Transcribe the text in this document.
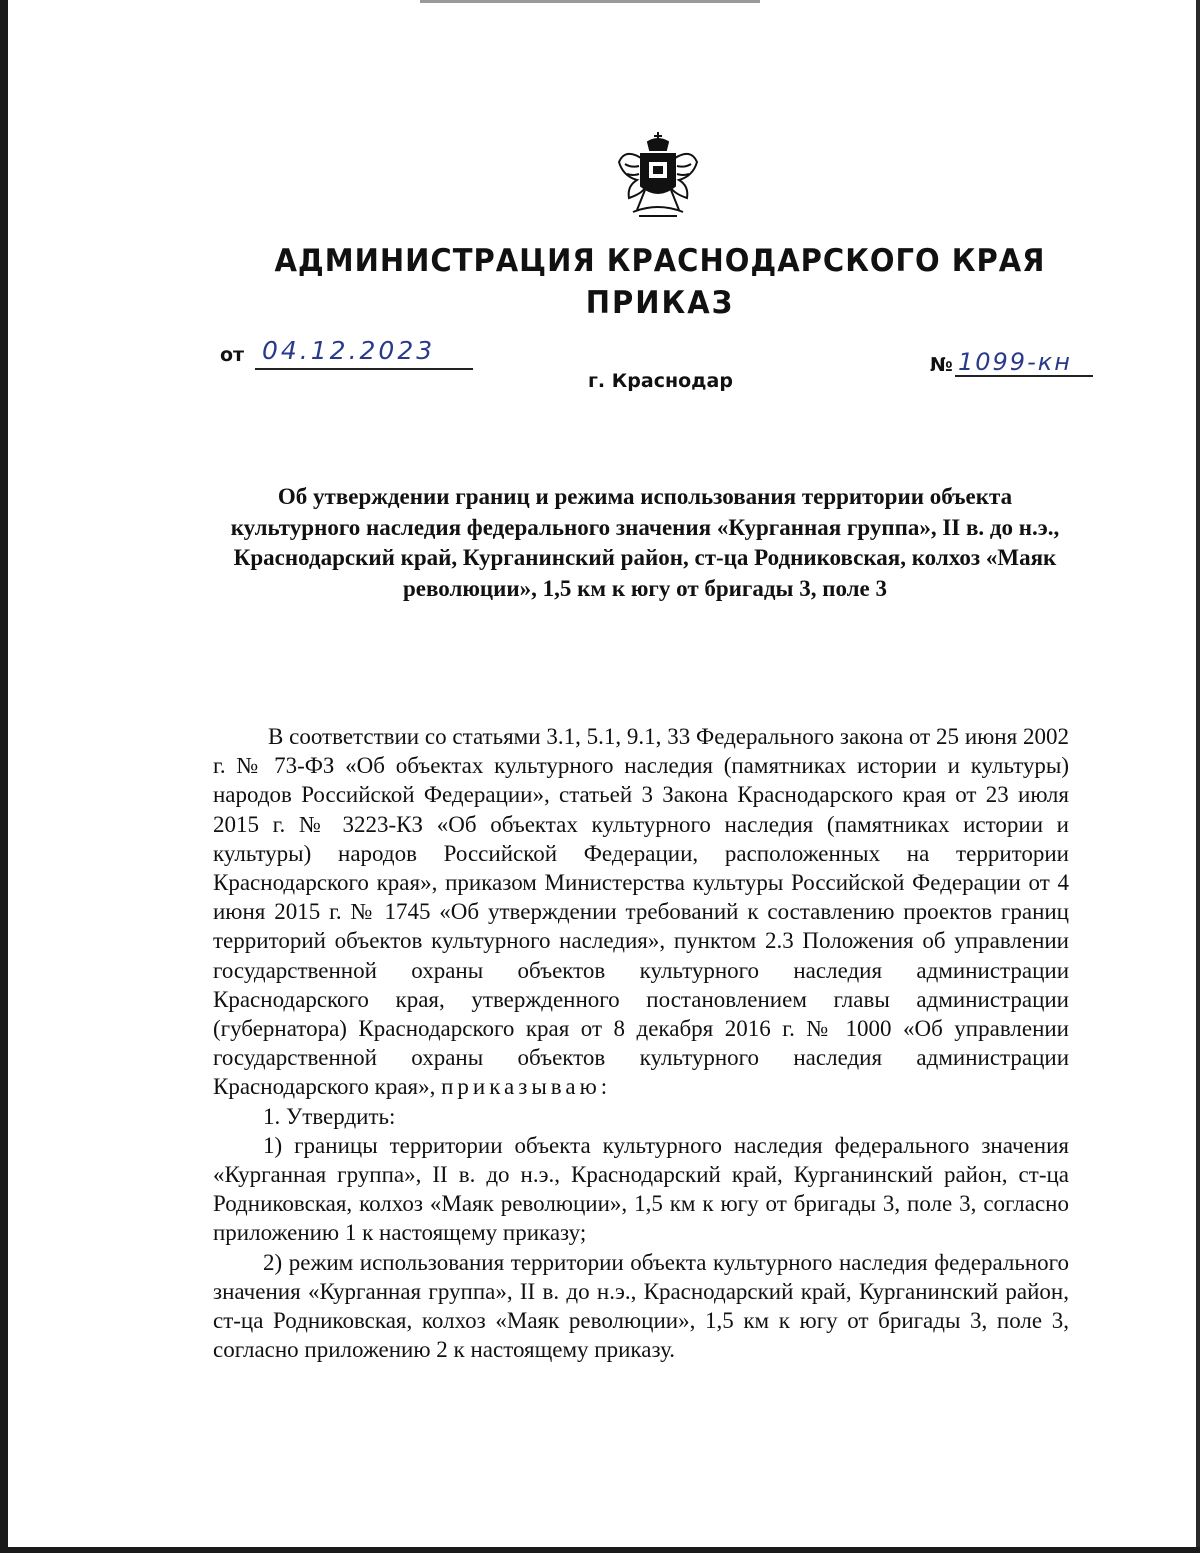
АДМИНИСТРАЦИЯ КРАСНОДАРСКОГО КРАЯ
ПРИКАЗ
от 04.12.2023
г. Краснодар
№ 1099-кн
Об утверждении границ и режима использования территории объекта культурного наследия федерального значения «Курганная группа», II в. до н.э., Краснодарский край, Курганинский район, ст-ца Родниковская, колхоз «Маяк революции», 1,5 км к югу от бригады 3, поле 3

В соответствии со статьями 3.1, 5.1, 9.1, 33 Федерального закона от 25 июня 2002 г. № 73-ФЗ «Об объектах культурного наследия (памятниках истории и культуры) народов Российской Федерации», статьей 3 Закона Краснодарского края от 23 июля 2015 г. № 3223-КЗ «Об объектах культурного наследия (памятниках истории и культуры) народов Российской Федерации, расположенных на территории Краснодарского края», приказом Министерства культуры Российской Федерации от 4 июня 2015 г. № 1745 «Об утверждении требований к составлению проектов границ территорий объектов культурного наследия», пунктом 2.3 Положения об управлении государственной охраны объектов культурного наследия администрации Краснодарского края, утвержденного постановлением главы администрации (губернатора) Краснодарского края от 8 декабря 2016 г. № 1000 «Об управлении государственной охраны объектов культурного наследия администрации Краснодарского края», приказываю:

1. Утвердить:

1) границы территории объекта культурного наследия федерального значения «Курганная группа», II в. до н.э., Краснодарский край, Курганинский район, ст-ца Родниковская, колхоз «Маяк революции», 1,5 км к югу от бригады 3, поле 3, согласно приложению 1 к настоящему приказу;

2) режим использования территории объекта культурного наследия федерального значения «Курганная группа», II в. до н.э., Краснодарский край, Курганинский район, ст-ца Родниковская, колхоз «Маяк революции», 1,5 км к югу от бригады 3, поле 3, согласно приложению 2 к настоящему приказу.
